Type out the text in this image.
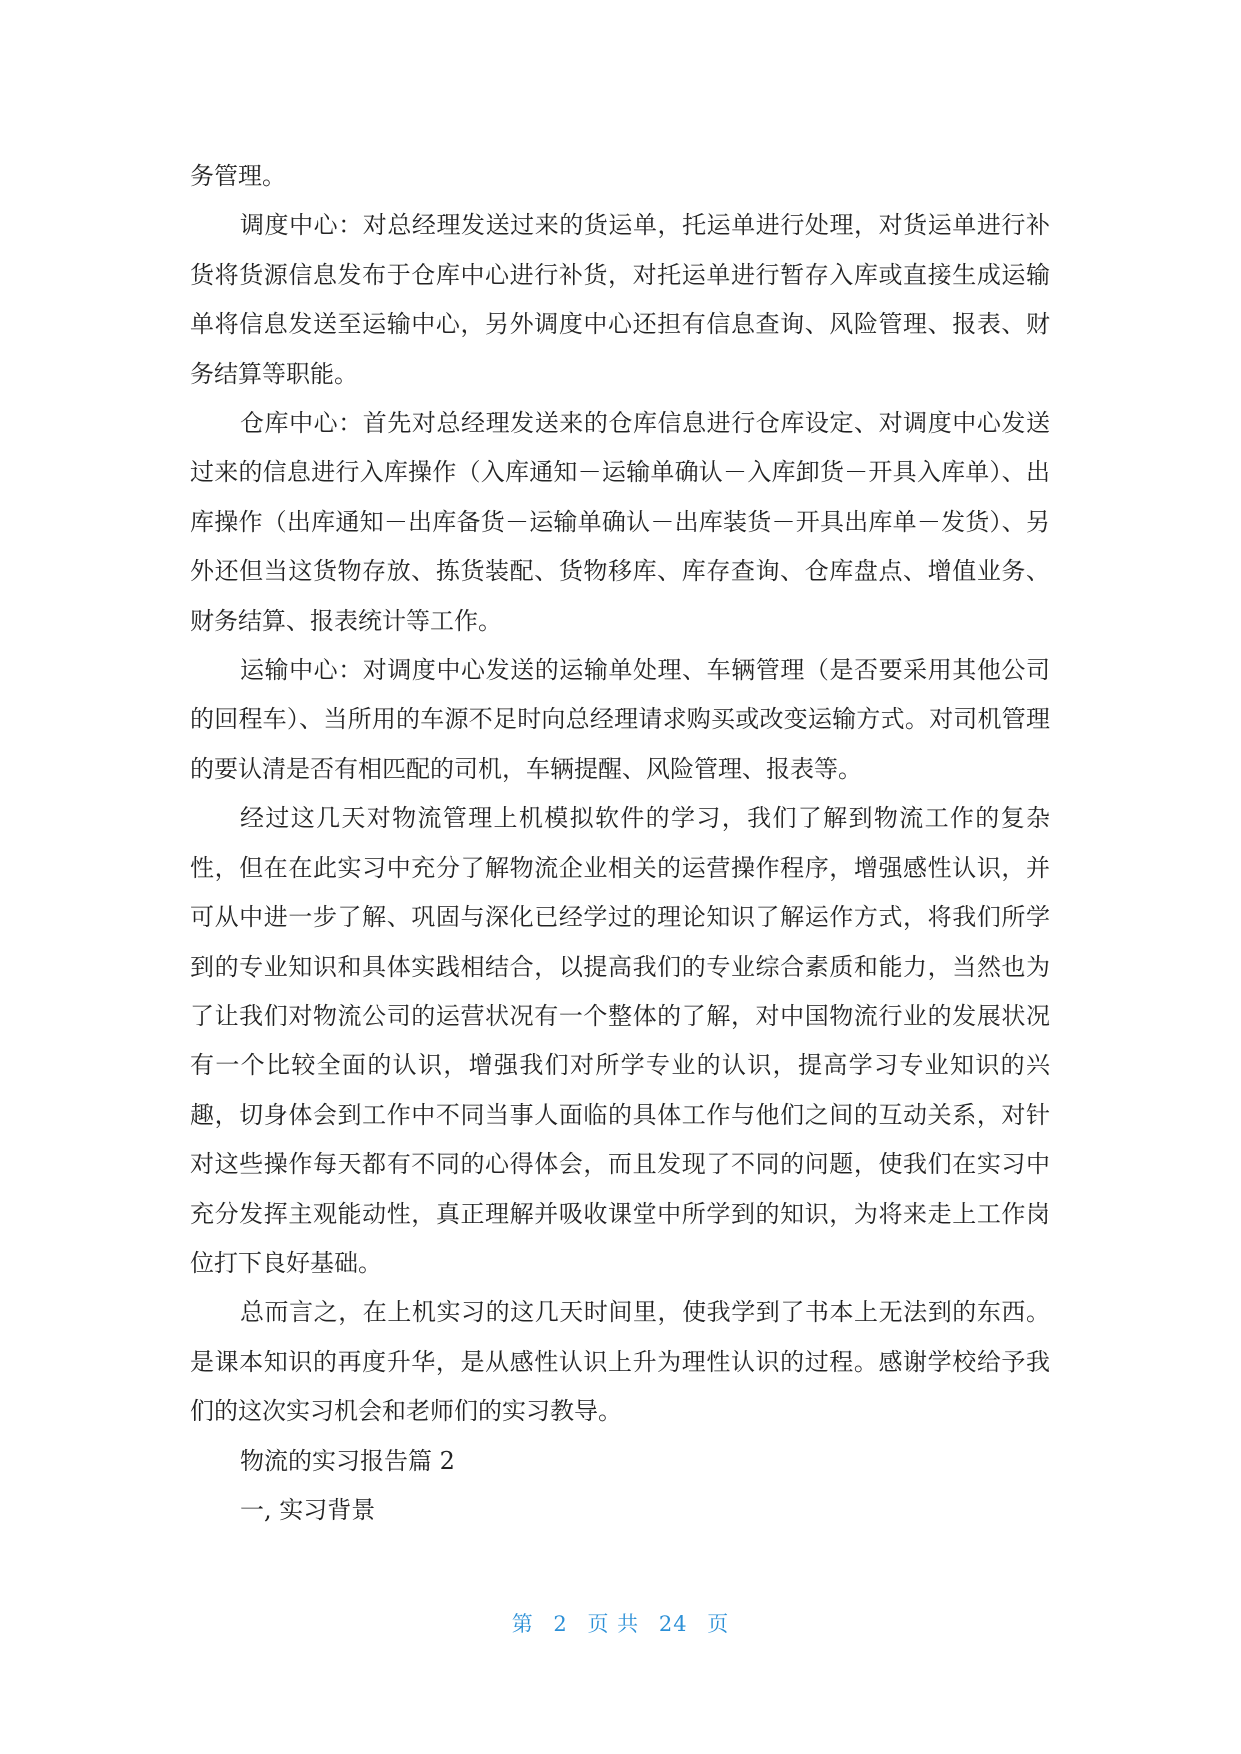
务管理。

调度中心：对总经理发送过来的货运单，托运单进行处理，对货运单进行补货将货源信息发布于仓库中心进行补货，对托运单进行暂存入库或直接生成运输单将信息发送至运输中心，另外调度中心还担有信息查询、风险管理、报表、财务结算等职能。

仓库中心：首先对总经理发送来的仓库信息进行仓库设定、对调度中心发送过来的信息进行入库操作（入库通知－运输单确认－入库卸货－开具入库单）、出库操作（出库通知－出库备货－运输单确认－出库装货－开具出库单－发货）、另外还但当这货物存放、拣货装配、货物移库、库存查询、仓库盘点、增值业务、财务结算、报表统计等工作。

运输中心：对调度中心发送的运输单处理、车辆管理（是否要采用其他公司的回程车）、当所用的车源不足时向总经理请求购买或改变运输方式。对司机管理的要认清是否有相匹配的司机，车辆提醒、风险管理、报表等。

经过这几天对物流管理上机模拟软件的学习，我们了解到物流工作的复杂性，但在在此实习中充分了解物流企业相关的运营操作程序，增强感性认识，并可从中进一步了解、巩固与深化已经学过的理论知识了解运作方式，将我们所学到的专业知识和具体实践相结合，以提高我们的专业综合素质和能力，当然也为了让我们对物流公司的运营状况有一个整体的了解，对中国物流行业的发展状况有一个比较全面的认识，增强我们对所学专业的认识，提高学习专业知识的兴趣，切身体会到工作中不同当事人面临的具体工作与他们之间的互动关系，对针对这些操作每天都有不同的心得体会，而且发现了不同的问题，使我们在实习中充分发挥主观能动性，真正理解并吸收课堂中所学到的知识，为将来走上工作岗位打下良好基础。

总而言之，在上机实习的这几天时间里，使我学到了书本上无法到的东西。是课本知识的再度升华，是从感性认识上升为理性认识的过程。感谢学校给予我们的这次实习机会和老师们的实习教导。

物流的实习报告篇 2

一, 实习背景

第 2 页 共 24 页
